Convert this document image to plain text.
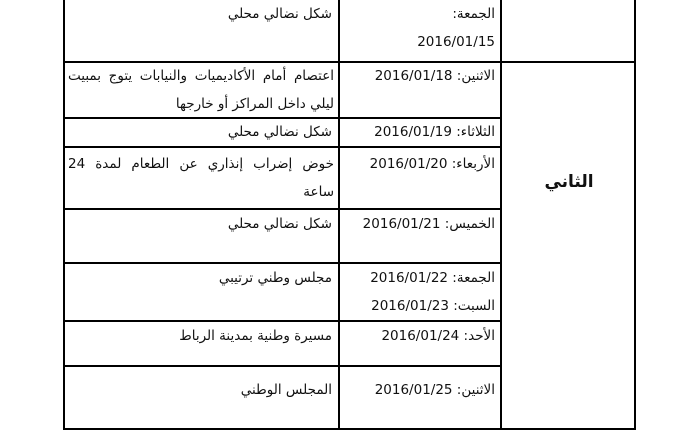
الجمعة:
2016/01/15
شكل نضالي محلي
الاثنين: 2016/01/18
اعتصام أمام الأكاديميات والنيابات يتوج بمبيت ليلي داخل المراكز أو خارجها
الثلاثاء: 2016/01/19
شكل نضالي محلي
الأربعاء: 2016/01/20
خوض إضراب إنذاري عن الطعام لمدة 24 ساعة
الخميس: 2016/01/21
شكل نضالي محلي
الجمعة: 2016/01/22
السبت: 2016/01/23
مجلس وطني ترتيبي
الأحد: 2016/01/24
مسيرة وطنية بمدينة الرباط
الاثنين: 2016/01/25
المجلس الوطني
الثاني
